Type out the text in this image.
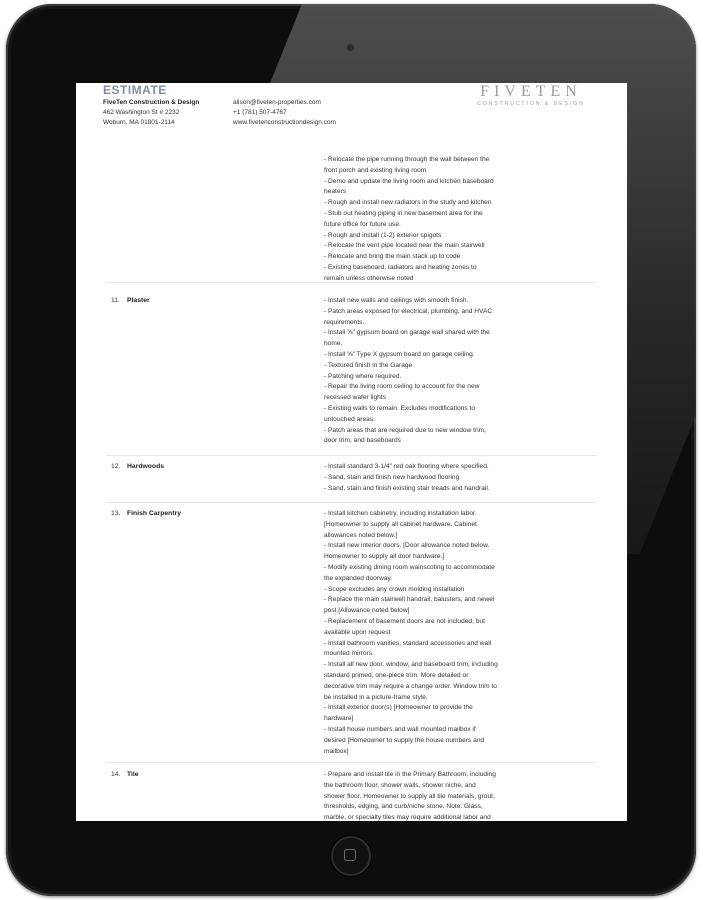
- Relocate the pipe running through the wall between the
front porch and existing living room
- Demo and update the living room and kitchen baseboard
heaters
- Rough and install new radiators in the study and kitchen
- Stub out heating piping in new basement area for the
future office for future use.
- Rough and install (1-2) exterior spigots
- Relocate the vent pipe located near the main stairwell
- Relocate and bring the main stack up to code
- Existing baseboard, radiators and heating zones to
remain unless otherwise noted
11. Plaster	- Install new walls and ceilings with smooth finish.
- Patch areas exposed for electrical, plumbing, and HVAC
requirements.
- Install ⅝" gypsum board on garage wall shared with the
home.
- Install ⅝" Type X gypsum board on garage ceiling.
- Textured finish in the Garage
- Patching where required.
- Repair the living room ceiling to account for the new
recessed wafer lights
- Existing walls to remain. Excludes modifications to
untouched areas.
- Patch areas that are required due to new window trim,
door trim, and baseboards
12. Hardwoods	- Install standard 3-1/4" red oak flooring where specified.
- Sand, stain and finish new hardwood flooring
- Sand, stain and finish existing stair treads and handrail.
13. Finish Carpentry	- Install kitchen cabinetry, including installation labor.
[Homeowner to supply all cabinet hardware. Cabinet
allowances noted below.]
- Install new interior doors. [Door allowance noted below.
Homeowner to supply all door hardware.]
- Modify existing dining room wainscoting to accommodate
the expanded doorway.
- Scope excludes any crown molding installation
- Replace the main stairwell handrail, balusters, and newel
post [Allowance noted below]
- Replacement of basement doors are not included, but
available upon request
- Install bathroom vanities, standard accessories and wall
mounted mirrors.
- Install all new door, window, and baseboard trim, including
standard primed, one-piece trim. More detailed or
decorative trim may require a change order. Window trim to
be installed in a picture-frame style.
- Install exterior door(s) [Homeowner to provide the
hardware]
- Install house numbers and wall mounted mailbox if
desired [Homeowner to supply the house numbers and
mailbox]
14. Tile	- Prepare and install tile in the Primary Bathroom, including
the bathroom floor, shower walls, shower niche, and
shower floor. Homeowner to supply all tile materials, grout,
thresholds, edging, and curb/niche stone. Note: Glass,
marble, or specialty tiles may require additional labor and
ESTIMATE
FiveTen Construction & Design
462 Washington St # 2232
Woburn, MA 01801-2114
alison@fiveten-properties.com
+1 (781) 507-4767
www.fivetenconstructiondesign.com
FIVETEN
CONSTRUCTION & DESIGN
